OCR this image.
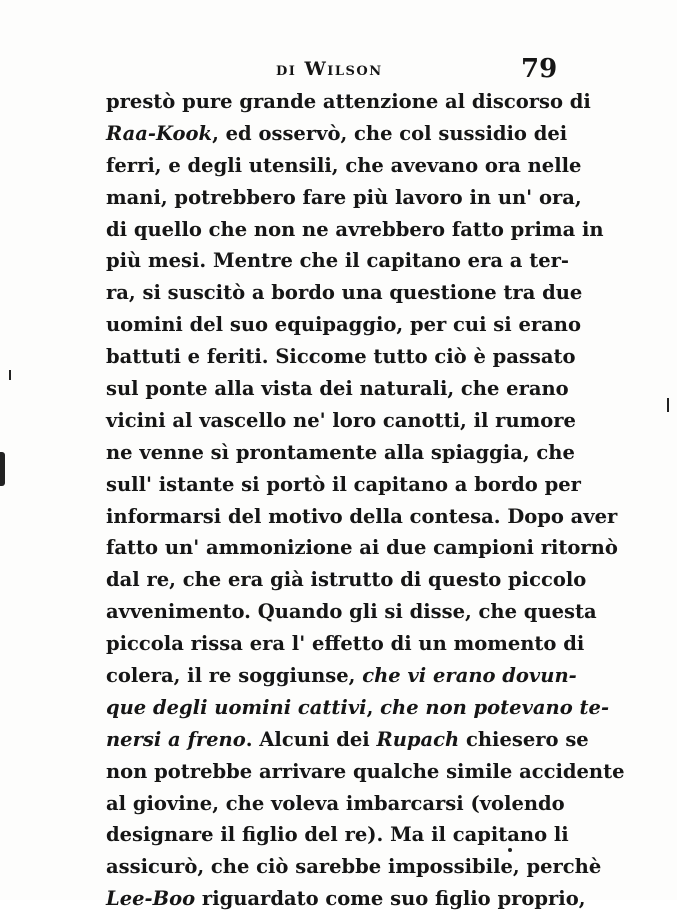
di Wilson	79
prestò pure grande attenzione al discorso di
Raa-Kook, ed osservò, che col sussidio dei
ferri, e degli utensili, che avevano ora nelle
mani, potrebbero fare più lavoro in un' ora,
di quello che non ne avrebbero fatto prima in
più mesi. Mentre che il capitano era a ter-
ra, si suscitò a bordo una questione tra due
uomini del suo equipaggio, per cui si erano
battuti e feriti. Siccome tutto ciò è passato
sul ponte alla vista dei naturali, che erano
vicini al vascello ne' loro canotti, il rumore
ne venne sì prontamente alla spiaggia, che
sull' istante si portò il capitano a bordo per
informarsi del motivo della contesa. Dopo aver
fatto un' ammonizione ai due campioni ritornò
dal re, che era già istrutto di questo piccolo
avvenimento. Quando gli si disse, che questa
piccola rissa era l' effetto di un momento di
colera, il re soggiunse, che vi erano dovun-
que degli uomini cattivi, che non potevano te-
nersi a freno. Alcuni dei Rupach chiesero se
non potrebbe arrivare qualche simile accidente
al giovine, che voleva imbarcarsi (volendo
designare il figlio del re). Ma il capitano li
assicurò, che ciò sarebbe impossibile, perchè
Lee-Boo riguardato come suo figlio proprio,
